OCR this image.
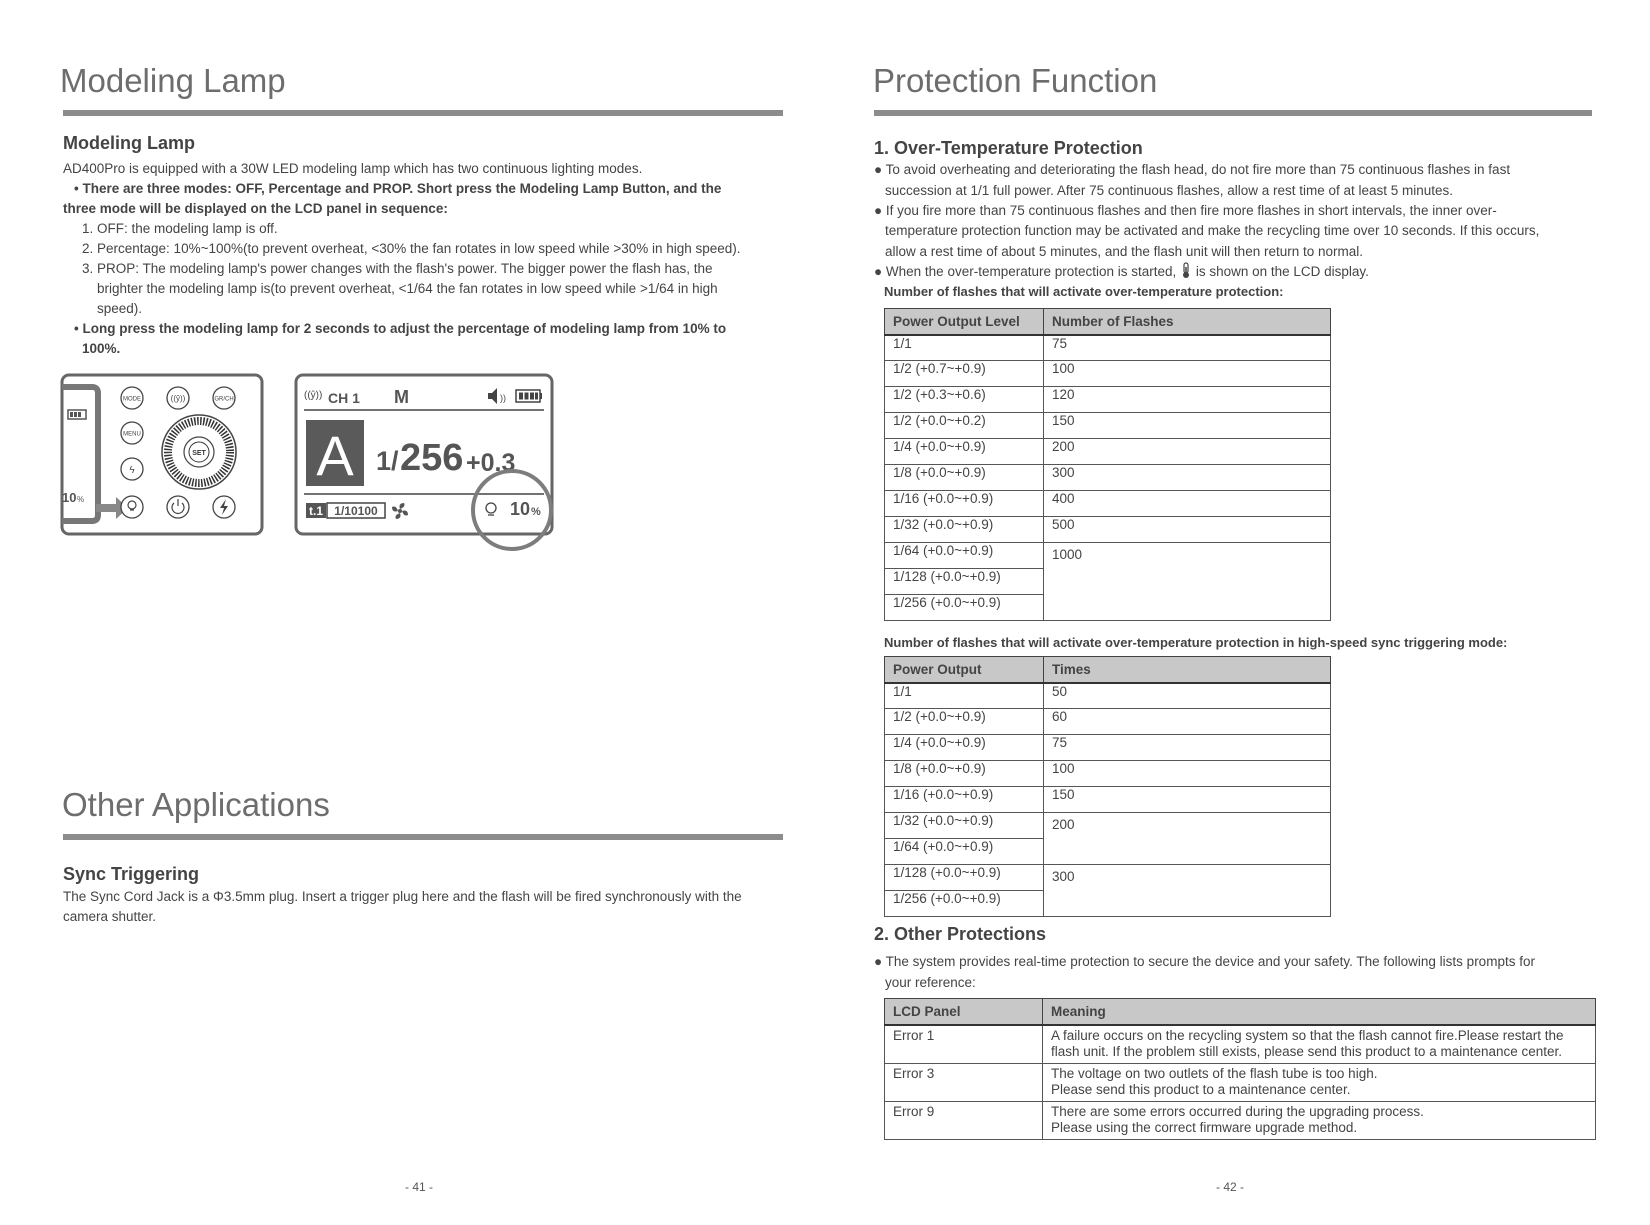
Modeling Lamp
Modeling Lamp
AD400Pro is equipped with a 30W LED modeling lamp which has two continuous lighting modes.
• There are three modes: OFF, Percentage and PROP. Short press the Modeling Lamp Button, and the
three mode will be displayed on the LCD panel in sequence:
1. OFF: the modeling lamp is off.
2. Percentage: 10%~100%(to prevent overheat, <30% the fan rotates in low speed while >30% in high speed).
3. PROP: The modeling lamp's power changes with the flash's power. The bigger power the flash has, the
brighter the modeling lamp is(to prevent overheat, <1/64 the fan rotates in low speed while >1/64 in high
speed).
• Long press the modeling lamp for 2 seconds to adjust the percentage of modeling lamp from 10% to
100%.
10 %
MODE	((ŷ))	GR/CH
MENU
ϟ
SET
((ŷ)) CH 1 M	))
A 1/ 256 +0.3
t.1 1/10100	10 %
Other Applications
Sync Triggering
The Sync Cord Jack is a Φ3.5mm plug. Insert a trigger plug here and the flash will be fired synchronously with the
camera shutter.
- 41 -
Protection Function
1. Over-Temperature Protection
● To avoid overheating and deteriorating the flash head, do not fire more than 75 continuous flashes in fast
succession at 1/1 full power. After 75 continuous flashes, allow a rest time of at least 5 minutes.
● If you fire more than 75 continuous flashes and then fire more flashes in short intervals, the inner over-
temperature protection function may be activated and make the recycling time over 10 seconds. If this occurs,
allow a rest time of about 5 minutes, and the flash unit will then return to normal.
● When the over-temperature protection is started, is shown on the LCD display.
Number of flashes that will activate over-temperature protection:
Power Output Level	Number of Flashes
1/1	75
1/2 (+0.7~+0.9)	100
1/2 (+0.3~+0.6)	120
1/2 (+0.0~+0.2)	150
1/4 (+0.0~+0.9)	200
1/8 (+0.0~+0.9)	300
1/16 (+0.0~+0.9)	400
1/32 (+0.0~+0.9)	500
1/64 (+0.0~+0.9)	1000
1/128 (+0.0~+0.9)	
1/256 (+0.0~+0.9)	
Number of flashes that will activate over-temperature protection in high-speed sync triggering mode:
Power Output	Times
1/1	50
1/2 (+0.0~+0.9)	60
1/4 (+0.0~+0.9)	75
1/8 (+0.0~+0.9)	100
1/16 (+0.0~+0.9)	150
1/32 (+0.0~+0.9)	200
1/64 (+0.0~+0.9)	
1/128 (+0.0~+0.9)	300
1/256 (+0.0~+0.9)	
2. Other Protections
● The system provides real-time protection to secure the device and your safety. The following lists prompts for
your reference:
LCD Panel	Meaning
Error 1	A failure occurs on the recycling system so that the flash cannot fire.Please restart the
flash unit. If the problem still exists, please send this product to a maintenance center.

Error 3	The voltage on two outlets of the flash tube is too high.
Please send this product to a maintenance center.

Error 9	There are some errors occurred during the upgrading process.
Please using the correct firmware upgrade method.
- 42 -
